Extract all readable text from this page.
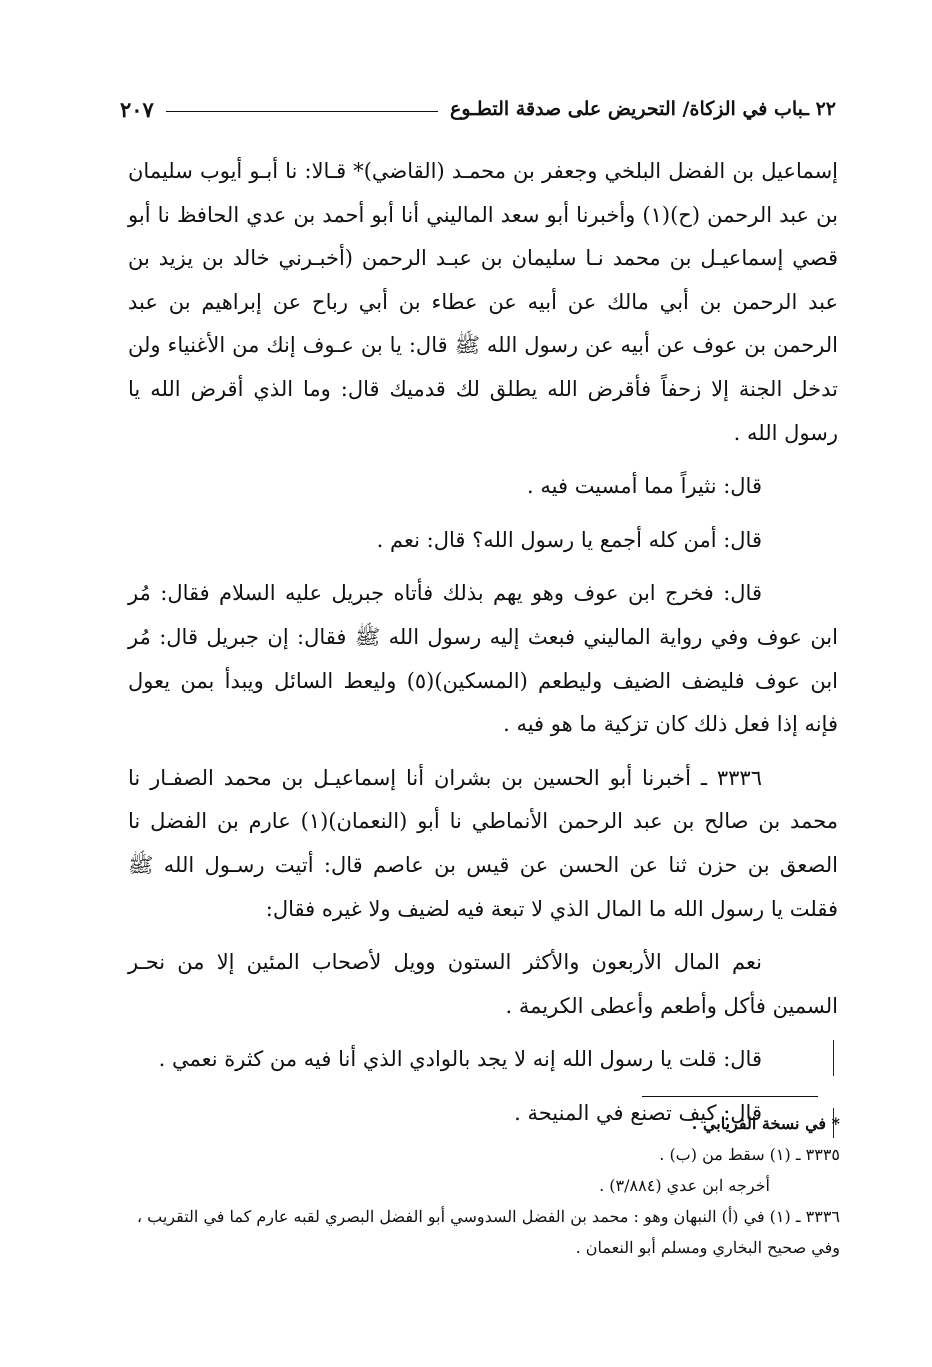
٢٢ ـباب في الزكاة/ التحريض على صدقة التطـوع
٢٠٧

إسماعيل بن الفضل البلخي وجعفر بن محمـد (القاضي)* قـالا: نا أبـو أيوب سليمان بن عبد الرحمن (ح)(١) وأخبرنا أبو سعد الماليني أنا أبو أحمد بن عدي الحافظ نا أبو قصي إسماعيـل بن محمد نـا سليمان بن عبـد الرحمن (أخبـرني خالد بن يزيد بن عبد الرحمن بن أبي مالك عن أبيه عن عطاء بن أبي رباح عن إبراهيم بن عبد الرحمن بن عوف عن أبيه عن رسول الله ﷺ قال: يا بن عـوف إنك من الأغنياء ولن تدخل الجنة إلا زحفاً فأقرض الله يطلق لك قدميك قال: وما الذي أقرض الله يا رسول الله .

قال: نثيراً مما أمسيت فيه .

قال: أمن كله أجمع يا رسول الله؟ قال: نعم .

قال: فخرج ابن عوف وهو يهم بذلك فأتاه جبريل عليه السلام فقال: مُر ابن عوف وفي رواية الماليني فبعث إليه رسول الله ﷺ فقال: إن جبريل قال: مُر ابن عوف فليضف الضيف وليطعم (المسكين)(٥) وليعط السائل ويبدأ بمن يعول فإنه إذا فعل ذلك كان تزكية ما هو فيه .

٣٣٣٦ ـ أخبرنا أبو الحسين بن بشران أنا إسماعيـل بن محمد الصفـار نا محمد بن صالح بن عبد الرحمن الأنماطي نا أبو (النعمان)(١) عارم بن الفضل نا الصعق بن حزن ثنا عن الحسن عن قيس بن عاصم قال: أتيت رسـول الله ﷺ فقلت يا رسول الله ما المال الذي لا تبعة فيه لضيف ولا غيره فقال:

نعم المال الأربعون والأكثر الستون وويل لأصحاب المئين إلا من نحـر السمين فأكل وأطعم وأعطى الكريمة .

قال: قلت يا رسول الله إنه لا يجد بالوادي الذي أنا فيه من كثرة نعمي .

قال: كيف تصنع في المنيحة .

* في نسخة الفريابي .

٣٣٣٥ ـ (١) سقط من (ب) .

أخرجه ابن عدي (٣/٨٨٤) .

٣٣٣٦ ـ (١) في (أ) النبهان وهو : محمد بن الفضل السدوسي أبو الفضل البصري لقبه عارم كما في التقريب ، وفي صحيح البخاري ومسلم أبو النعمان .
